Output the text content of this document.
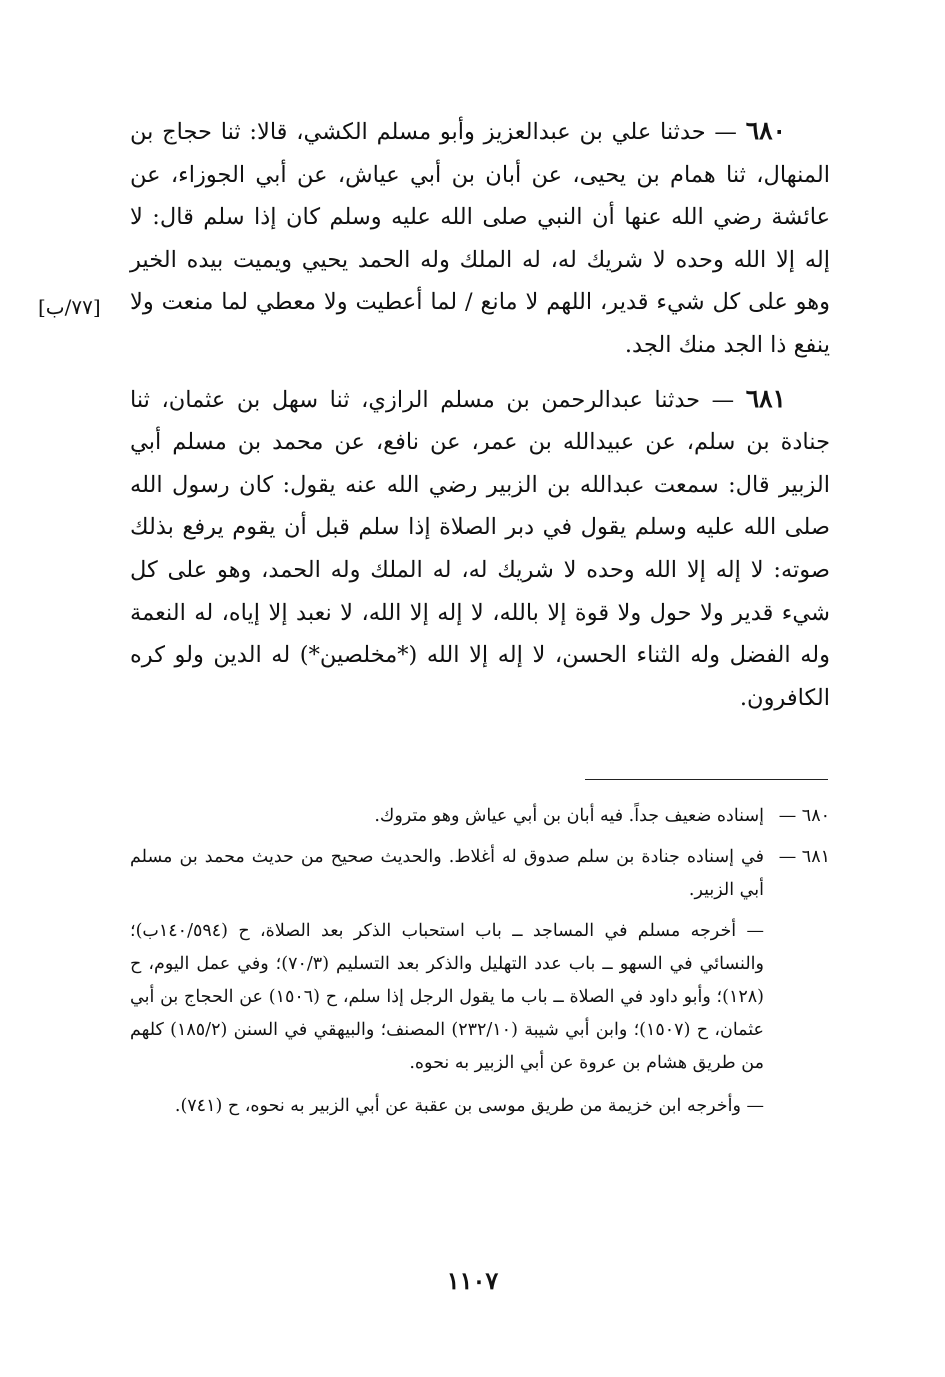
٦٨٠ — حدثنا علي بن عبدالعزيز وأبو مسلم الكشي، قالا: ثنا حجاج بن المنهال، ثنا همام بن يحيى، عن أبان بن أبي عياش، عن أبي الجوزاء، عن عائشة رضي الله عنها أن النبي صلى الله عليه وسلم كان إذا سلم قال: لا إله إلا الله وحده لا شريك له، له الملك وله الحمد يحيي ويميت بيده الخير وهو على كل شيء قدير، اللهم لا مانع / لما أعطيت ولا معطي لما منعت ولا ينفع ذا الجد منك الجد.

٦٨١ — حدثنا عبدالرحمن بن مسلم الرازي، ثنا سهل بن عثمان، ثنا جنادة بن سلم، عن عبيدالله بن عمر، عن نافع، عن محمد بن مسلم أبي الزبير قال: سمعت عبدالله بن الزبير رضي الله عنه يقول: كان رسول الله صلى الله عليه وسلم يقول في دبر الصلاة إذا سلم قبل أن يقوم يرفع بذلك صوته: لا إله إلا الله وحده لا شريك له، له الملك وله الحمد، وهو على كل شيء قدير ولا حول ولا قوة إلا بالله، لا إله إلا الله، لا نعبد إلا إياه، له النعمة وله الفضل وله الثناء الحسن، لا إله إلا الله (*مخلصين*) له الدين ولو كره الكافرون.

[٧٧/ب]
٦٨٠ —
إسناده ضعيف جداً. فيه أبان بن أبي عياش وهو متروك.
٦٨١ —
في إسناده جنادة بن سلم صدوق له أغلاط. والحديث صحيح من حديث محمد بن مسلم أبي الزبير.

— أخرجه مسلم في المساجد ــ باب استحباب الذكر بعد الصلاة، ح (١٤٠/٥٩٤ب)؛ والنسائي في السهو ــ باب عدد التهليل والذكر بعد التسليم (٧٠/٣)؛ وفي عمل اليوم، ح (١٢٨)؛ وأبو داود في الصلاة ــ باب ما يقول الرجل إذا سلم، ح (١٥٠٦) عن الحجاج بن أبي عثمان، ح (١٥٠٧)؛ وابن أبي شيبة (٢٣٢/١٠) المصنف؛ والبيهقي في السنن (١٨٥/٢) كلهم من طريق هشام بن عروة عن أبي الزبير به نحوه.

— وأخرجه ابن خزيمة من طريق موسى بن عقبة عن أبي الزبير به نحوه، ح (٧٤١).

١١٠٧
